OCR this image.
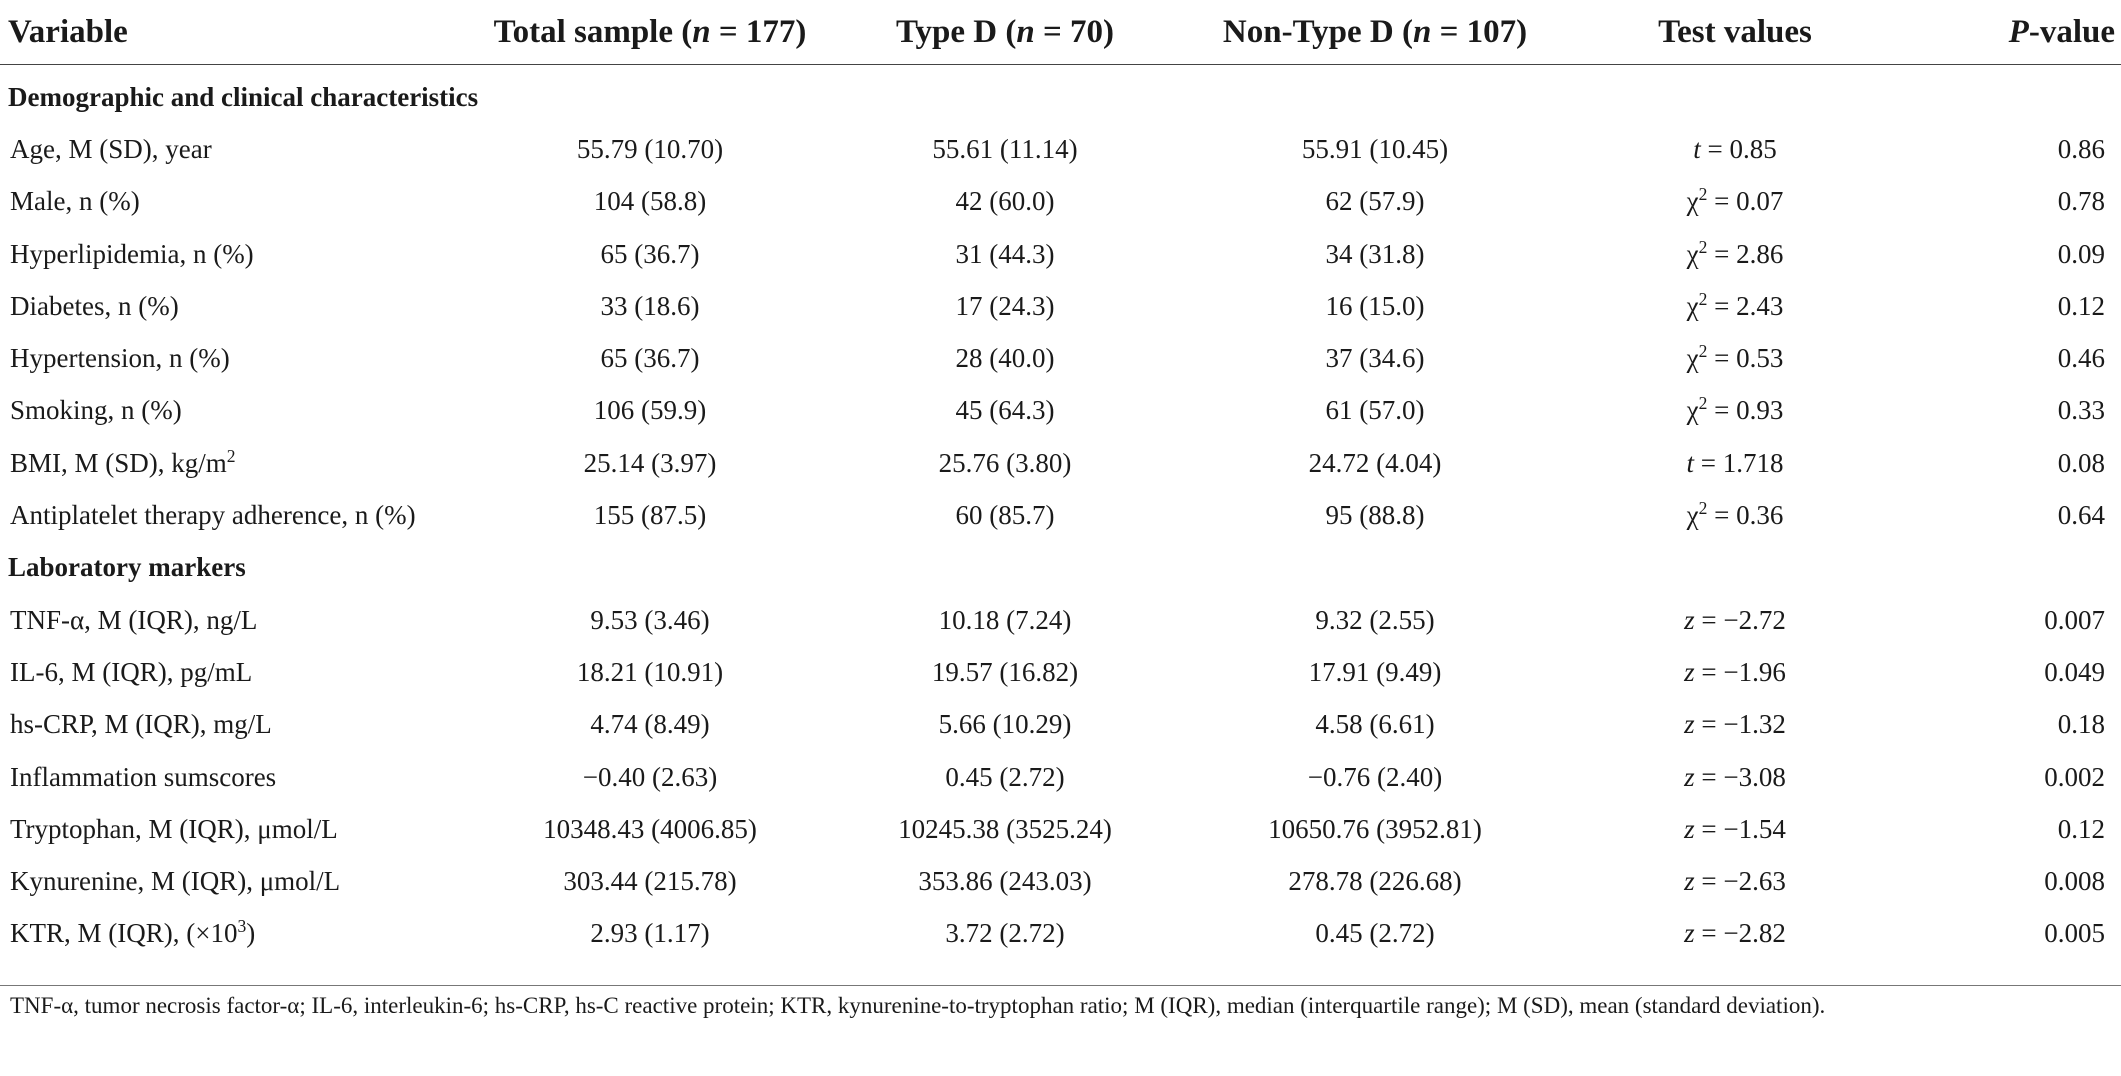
Variable	Total sample (n = 177)	Type D (n = 70)	Non-Type D (n = 107)	Test values	P-value
Demographic and clinical characteristics					
Age, M (SD), year	55.79 (10.70)	55.61 (11.14)	55.91 (10.45)	t = 0.85	0.86
Male, n (%)	104 (58.8)	42 (60.0)	62 (57.9)	$\chi^2 = 0.07$	0.78
Hyperlipidemia, n (%)	65 (36.7)	31 (44.3)	34 (31.8)	$\chi^2 = 2.86$	0.09
Diabetes, n (%)	33 (18.6)	17 (24.3)	16 (15.0)	$\chi^2 = 2.43$	0.12
Hypertension, n (%)	65 (36.7)	28 (40.0)	37 (34.6)	$\chi^2 = 0.53$	0.46
Smoking, n (%)	106 (59.9)	45 (64.3)	61 (57.0)	$\chi^2 = 0.93$	0.33
BMI, M (SD), $kg/m^2$	25.14 (3.97)	25.76 (3.80)	24.72 (4.04)	t = 1.718	0.08
Antiplatelet therapy adherence, n (%)	155 (87.5)	60 (85.7)	95 (88.8)	$\chi^2 = 0.36$	0.64
Laboratory markers					
TNF-α, M (IQR), ng/L	9.53 (3.46)	10.18 (7.24)	9.32 (2.55)	z = −2.72	0.007
IL-6, M (IQR), pg/mL	18.21 (10.91)	19.57 (16.82)	17.91 (9.49)	z = −1.96	0.049
hs-CRP, M (IQR), mg/L	4.74 (8.49)	5.66 (10.29)	4.58 (6.61)	z = −1.32	0.18
Inflammation sumscores	−0.40 (2.63)	0.45 (2.72)	−0.76 (2.40)	z = −3.08	0.002
Tryptophan, M (IQR), μmol/L	10348.43 (4006.85)	10245.38 (3525.24)	10650.76 (3952.81)	z = −1.54	0.12
Kynurenine, M (IQR), μmol/L	303.44 (215.78)	353.86 (243.03)	278.78 (226.68)	z = −2.63	0.008
KTR, M (IQR), $(\times 10^3)$	2.93 (1.17)	3.72 (2.72)	0.45 (2.72)	z = −2.82	0.005
TNF-α, tumor necrosis factor-α; IL-6, interleukin-6; hs-CRP, hs-C reactive protein; KTR, kynurenine-to-tryptophan ratio; M (IQR), median (interquartile range); M (SD), mean (standard deviation).
